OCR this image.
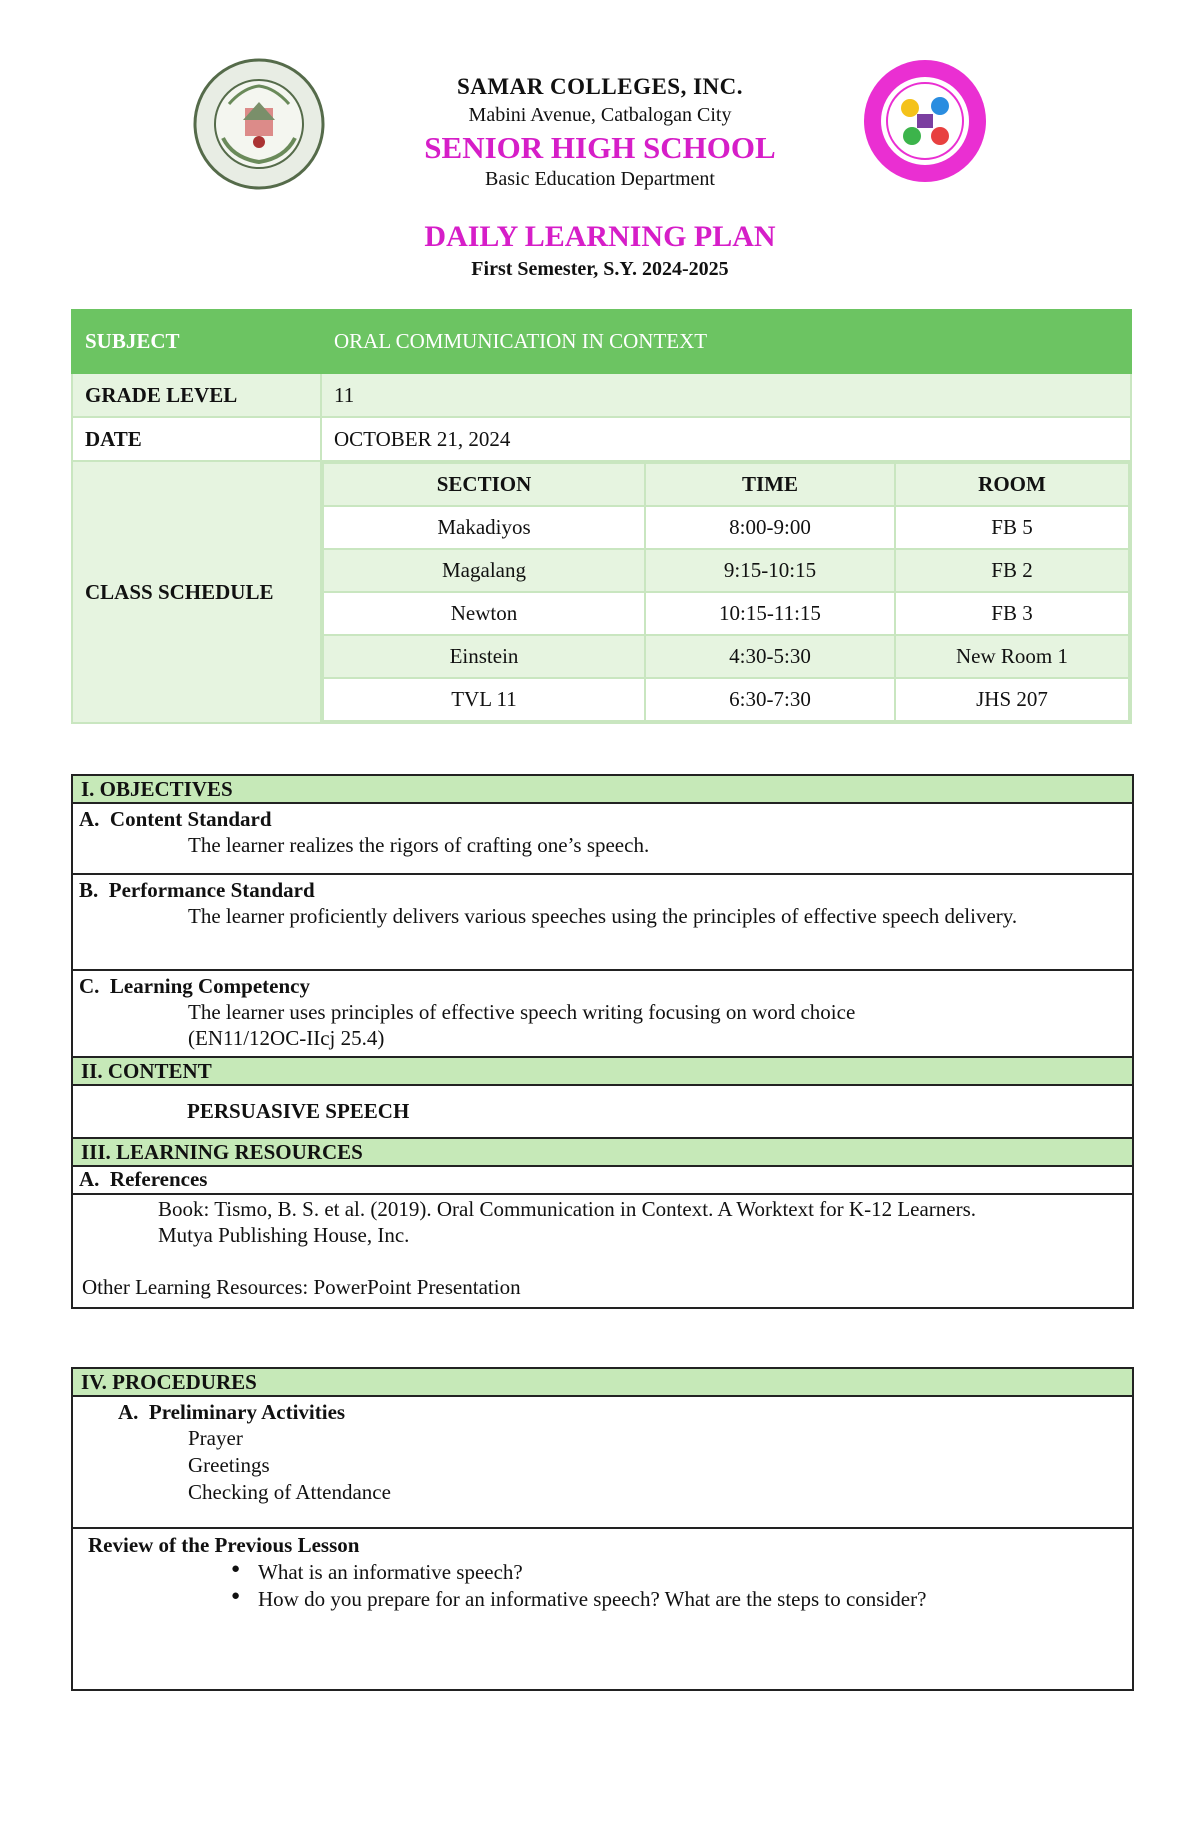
SAMAR COLLEGES, INC.
Mabini Avenue, Catbalogan City
SENIOR HIGH SCHOOL
Basic Education Department
DAILY LEARNING PLAN
First Semester, S.Y. 2024-2025
SUBJECT	ORAL COMMUNICATION IN CONTEXT
GRADE LEVEL	11
DATE	OCTOBER 21, 2024
CLASS SCHEDULE	
SECTION	TIME	ROOM
Makadiyos	8:00-9:00	FB 5
Magalang	9:15-10:15	FB 2
Newton	10:15-11:15	FB 3
Einstein	4:30-5:30	New Room 1
TVL 11	6:30-7:30	JHS 207
I. OBJECTIVES
A.  Content Standard
The learner realizes the rigors of crafting one’s speech.
B.  Performance Standard
The learner proficiently delivers various speeches using the principles of effective speech delivery.
C.  Learning Competency
The learner uses principles of effective speech writing focusing on word choice
(EN11/12OC-IIcj 25.4)
II. CONTENT
PERSUASIVE SPEECH
III. LEARNING RESOURCES
A.  References
Book: Tismo, B. S. et al. (2019). Oral Communication in Context. A Worktext for K-12 Learners.
Mutya Publishing House, Inc.
Other Learning Resources: PowerPoint Presentation
IV. PROCEDURES
A.  Preliminary Activities
Prayer
Greetings
Checking of Attendance
Review of the Previous Lesson
● What is an informative speech?
● How do you prepare for an informative speech? What are the steps to consider?
